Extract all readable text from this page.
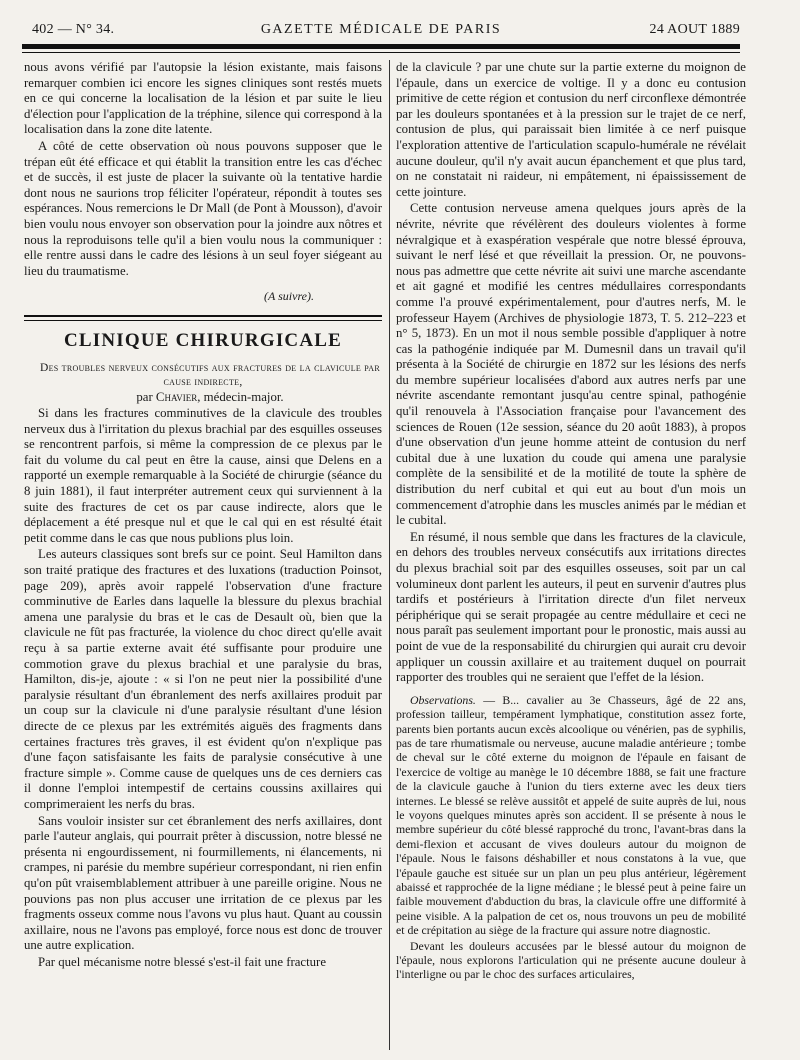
402 — N° 34.	GAZETTE MÉDICALE DE PARIS	24 AOUT 1889

nous avons vérifié par l'autopsie la lésion existante, mais faisons remarquer combien ici encore les signes cliniques sont restés muets en ce qui concerne la localisation de la lésion et par suite le lieu d'élection pour l'application de la tréphine, silence qui correspond à la localisation dans la zone dite latente.

A côté de cette observation où nous pouvons supposer que le trépan eût été efficace et qui établit la transition entre les cas d'échec et de succès, il est juste de placer la suivante où la tentative hardie dont nous ne saurions trop féliciter l'opérateur, répondit à toutes ses espérances. Nous remercions le Dr Mall (de Pont à Mousson), d'avoir bien voulu nous envoyer son observation pour la joindre aux nôtres et nous la reproduisons telle qu'il a bien voulu nous la communiquer : elle rentre aussi dans le cadre des lésions à un seul foyer siégeant au lieu du traumatisme.

(A suivre).
CLINIQUE CHIRURGICALE

Des troubles nerveux consécutifs aux fractures de la clavicule par cause indirecte,

par Chavier, médecin-major.

Si dans les fractures comminutives de la clavicule des troubles nerveux dus à l'irritation du plexus brachial par des esquilles osseuses se rencontrent parfois, si même la compression de ce plexus par le fait du volume du cal peut en être la cause, ainsi que Delens en a rapporté un exemple remarquable à la Société de chirurgie (séance du 8 juin 1881), il faut interpréter autrement ceux qui surviennent à la suite des fractures de cet os par cause indirecte, alors que le déplacement a été presque nul et que le cal qui en est résulté était petit comme dans le cas que nous publions plus loin.

Les auteurs classiques sont brefs sur ce point. Seul Hamilton dans son traité pratique des fractures et des luxations (traduction Poinsot, page 209), après avoir rappelé l'observation d'une fracture comminutive de Earles dans laquelle la blessure du plexus brachial amena une paralysie du bras et le cas de Desault où, bien que la clavicule ne fût pas fracturée, la violence du choc direct qu'elle avait reçu à sa partie externe avait été suffisante pour produire une commotion grave du plexus brachial et une paralysie du bras, Hamilton, dis-je, ajoute : « si l'on ne peut nier la possibilité d'une paralysie résultant d'un ébranlement des nerfs axillaires produit par un coup sur la clavicule ni d'une paralysie résultant d'une lésion directe de ce plexus par les extrémités aiguës des fragments dans certaines fractures très graves, il est évident qu'on n'explique pas d'une façon satisfaisante les faits de paralysie consécutive à une fracture simple ». Comme cause de quelques uns de ces derniers cas il donne l'emploi intempestif de certains coussins axillaires qui comprimeraient les nerfs du bras.

Sans vouloir insister sur cet ébranlement des nerfs axillaires, dont parle l'auteur anglais, qui pourrait prêter à discussion, notre blessé ne présenta ni engourdissement, ni fourmillements, ni élancements, ni crampes, ni parésie du membre supérieur correspondant, ni rien enfin qu'on pût vraisemblablement attribuer à une pareille origine. Nous ne pouvions pas non plus accuser une irritation de ce plexus par les fragments osseux comme nous l'avons vu plus haut. Quant au coussin axillaire, nous ne l'avons pas employé, force nous est donc de trouver une autre explication.

Par quel mécanisme notre blessé s'est-il fait une fracture

de la clavicule ? par une chute sur la partie externe du moignon de l'épaule, dans un exercice de voltige. Il y a donc eu contusion primitive de cette région et contusion du nerf circonflexe démontrée par les douleurs spontanées et à la pression sur le trajet de ce nerf, contusion de plus, qui paraissait bien limitée à ce nerf puisque l'exploration attentive de l'articulation scapulo-humérale ne révélait aucune douleur, qu'il n'y avait aucun épanchement et que plus tard, on ne constatait ni raideur, ni empâtement, ni épaississement de cette jointure.

Cette contusion nerveuse amena quelques jours après de la névrite, névrite que révélèrent des douleurs violentes à forme névralgique et à exaspération vespérale que notre blessé éprouva, suivant le nerf lésé et que réveillait la pression. Or, ne pouvons-nous pas admettre que cette névrite ait suivi une marche ascendante et ait gagné et modifié les centres médullaires correspondants comme l'a prouvé expérimentalement, pour d'autres nerfs, M. le professeur Hayem (Archives de physiologie 1873, T. 5. 212–223 et n° 5, 1873). En un mot il nous semble possible d'appliquer à notre cas la pathogénie indiquée par M. Dumesnil dans un travail qu'il présenta à la Société de chirurgie en 1872 sur les lésions des nerfs du membre supérieur localisées d'abord aux autres nerfs par une névrite ascendante remontant jusqu'au centre spinal, pathogénie qu'il renouvela à l'Association française pour l'avancement des sciences de Rouen (12e session, séance du 20 août 1883), à propos d'une observation d'un jeune homme atteint de contusion du nerf cubital due à une luxation du coude qui amena une paralysie complète de la sensibilité et de la motilité de toute la sphère de distribution du nerf cubital et qui eut au bout d'un mois un commencement d'atrophie dans les muscles animés par le médian et le cubital.

En résumé, il nous semble que dans les fractures de la clavicule, en dehors des troubles nerveux consécutifs aux irritations directes du plexus brachial soit par des esquilles osseuses, soit par un cal volumineux dont parlent les auteurs, il peut en survenir d'autres plus tardifs et postérieurs à l'irritation directe d'un filet nerveux périphérique qui se serait propagée au centre médullaire et ceci ne nous paraît pas seulement important pour le pronostic, mais aussi au point de vue de la responsabilité du chirurgien qui aurait cru devoir appliquer un coussin axillaire et au traitement duquel on pourrait rapporter des troubles qui ne seraient que l'effet de la lésion.

Observations. — B... cavalier au 3e Chasseurs, âgé de 22 ans, profession tailleur, tempérament lymphatique, constitution assez forte, parents bien portants aucun excès alcoolique ou vénérien, pas de syphilis, pas de tare rhumatismale ou nerveuse, aucune maladie antérieure ; tombe de cheval sur le côté externe du moignon de l'épaule en faisant de l'exercice de voltige au manège le 10 décembre 1888, se fait une fracture de la clavicule gauche à l'union du tiers externe avec les deux tiers internes. Le blessé se relève aussitôt et appelé de suite auprès de lui, nous le voyons quelques minutes après son accident. Il se présente à nous le membre supérieur du côté blessé rapproché du tronc, l'avant-bras dans la demi-flexion et accusant de vives douleurs autour du moignon de l'épaule. Nous le faisons déshabiller et nous constatons à la vue, que l'épaule gauche est située sur un plan un peu plus antérieur, légèrement abaissé et rapprochée de la ligne médiane ; le blessé peut à peine faire un faible mouvement d'abduction du bras, la clavicule offre une difformité à peine visible. A la palpation de cet os, nous trouvons un peu de mobilité et de crépitation au siège de la fracture qui assure notre diagnostic.

Devant les douleurs accusées par le blessé autour du moignon de l'épaule, nous explorons l'articulation qui ne présente aucune douleur à l'interligne ou par le choc des surfaces articulaires,
